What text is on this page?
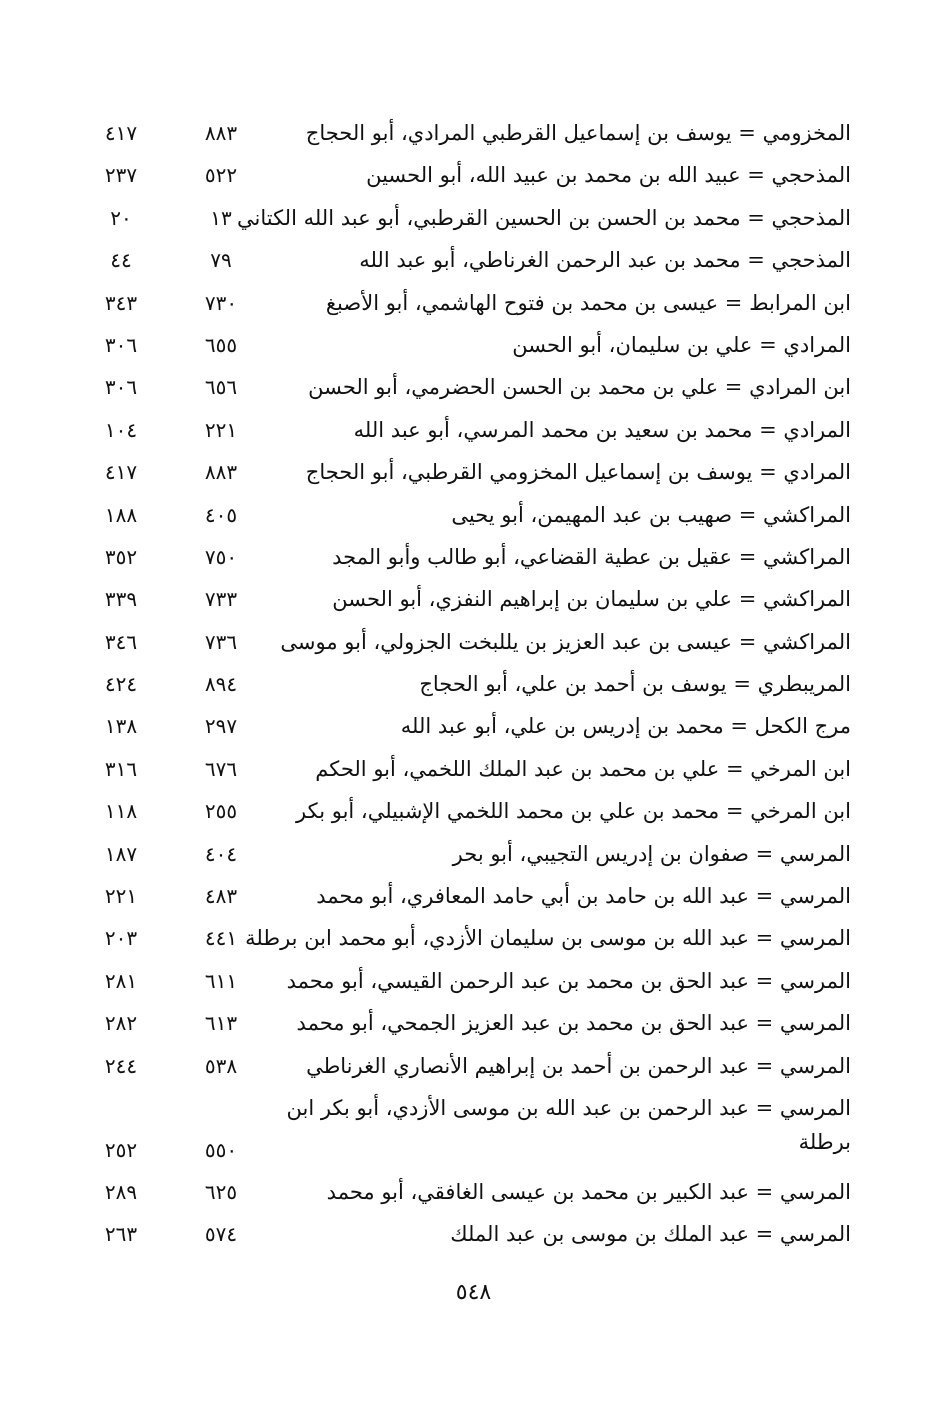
المخزومي = يوسف بن إسماعيل القرطبي المرادي، أبو الحجاج
٨٨٣
٤١٧
المذحجي = عبيد الله بن محمد بن عبيد الله، أبو الحسين
٥٢٢
٢٣٧
المذحجي = محمد بن الحسن بن الحسين القرطبي، أبو عبد الله الكتاني
١٣
٢٠
المذحجي = محمد بن عبد الرحمن الغرناطي، أبو عبد الله
٧٩
٤٤
ابن المرابط = عيسى بن محمد بن فتوح الهاشمي، أبو الأصبغ
٧٣٠
٣٤٣
المرادي = علي بن سليمان، أبو الحسن
٦٥٥
٣٠٦
ابن المرادي = علي بن محمد بن الحسن الحضرمي، أبو الحسن
٦٥٦
٣٠٦
المرادي = محمد بن سعيد بن محمد المرسي، أبو عبد الله
٢٢١
١٠٤
المرادي = يوسف بن إسماعيل المخزومي القرطبي، أبو الحجاج
٨٨٣
٤١٧
المراكشي = صهيب بن عبد المهيمن، أبو يحيى
٤٠٥
١٨٨
المراكشي = عقيل بن عطية القضاعي، أبو طالب وأبو المجد
٧٥٠
٣٥٢
المراكشي = علي بن سليمان بن إبراهيم النفزي، أبو الحسن
٧٣٣
٣٣٩
المراكشي = عيسى بن عبد العزيز بن يللبخت الجزولي، أبو موسى
٧٣٦
٣٤٦
المريبطري = يوسف بن أحمد بن علي، أبو الحجاج
٨٩٤
٤٢٤
مرج الكحل = محمد بن إدريس بن علي، أبو عبد الله
٢٩٧
١٣٨
ابن المرخي = علي بن محمد بن عبد الملك اللخمي، أبو الحكم
٦٧٦
٣١٦
ابن المرخي = محمد بن علي بن محمد اللخمي الإشبيلي، أبو بكر
٢٥٥
١١٨
المرسي = صفوان بن إدريس التجيبي، أبو بحر
٤٠٤
١٨٧
المرسي = عبد الله بن حامد بن أبي حامد المعافري، أبو محمد
٤٨٣
٢٢١
المرسي = عبد الله بن موسى بن سليمان الأزدي، أبو محمد ابن برطلة
٤٤١
٢٠٣
المرسي = عبد الحق بن محمد بن عبد الرحمن القيسي، أبو محمد
٦١١
٢٨١
المرسي = عبد الحق بن محمد بن عبد العزيز الجمحي، أبو محمد
٦١٣
٢٨٢
المرسي = عبد الرحمن بن أحمد بن إبراهيم الأنصاري الغرناطي
٥٣٨
٢٤٤
المرسي = عبد الرحمن بن عبد الله بن موسى الأزدي، أبو بكر ابن برطلة
٥٥٠
٢٥٢
المرسي = عبد الكبير بن محمد بن عيسى الغافقي، أبو محمد
٦٢٥
٢٨٩
المرسي = عبد الملك بن موسى بن عبد الملك
٥٧٤
٢٦٣
٥٤٨
